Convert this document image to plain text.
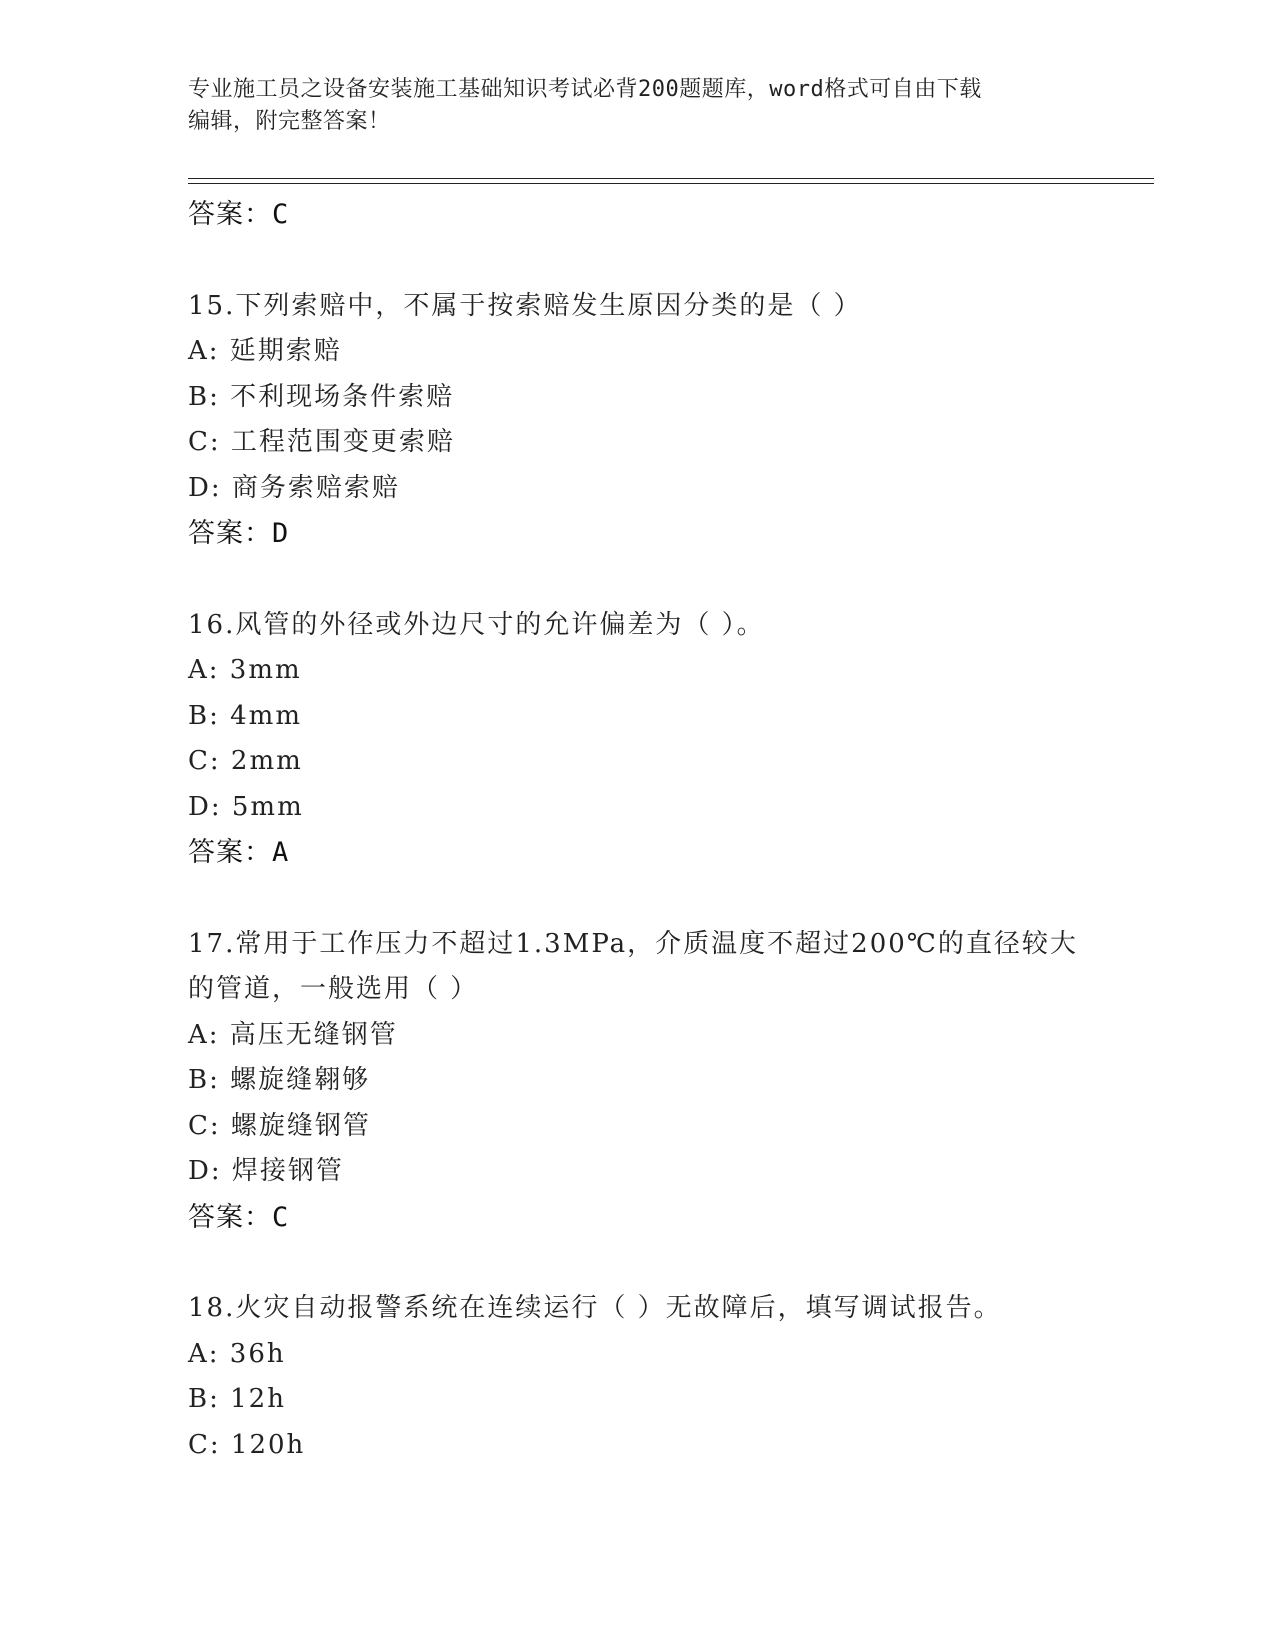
专业施工员之设备安装施工基础知识考试必背200题题库，word格式可自由下载
编辑，附完整答案！
答案：C
15.下列索赔中，不属于按索赔发生原因分类的是（ ）
A: 延期索赔
B: 不利现场条件索赔
C: 工程范围变更索赔
D: 商务索赔索赔
答案：D
16.风管的外径或外边尺寸的允许偏差为（ ）。
A: 3mm
B: 4mm
C: 2mm
D: 5mm
答案：A
17.常用于工作压力不超过1.3MPa，介质温度不超过200℃的直径较大
的管道，一般选用（ ）
A: 高压无缝钢管
B: 螺旋缝翱够
C: 螺旋缝钢管
D: 焊接钢管
答案：C
18.火灾自动报警系统在连续运行（ ）无故障后，填写调试报告。
A: 36h
B: 12h
C: 120h
